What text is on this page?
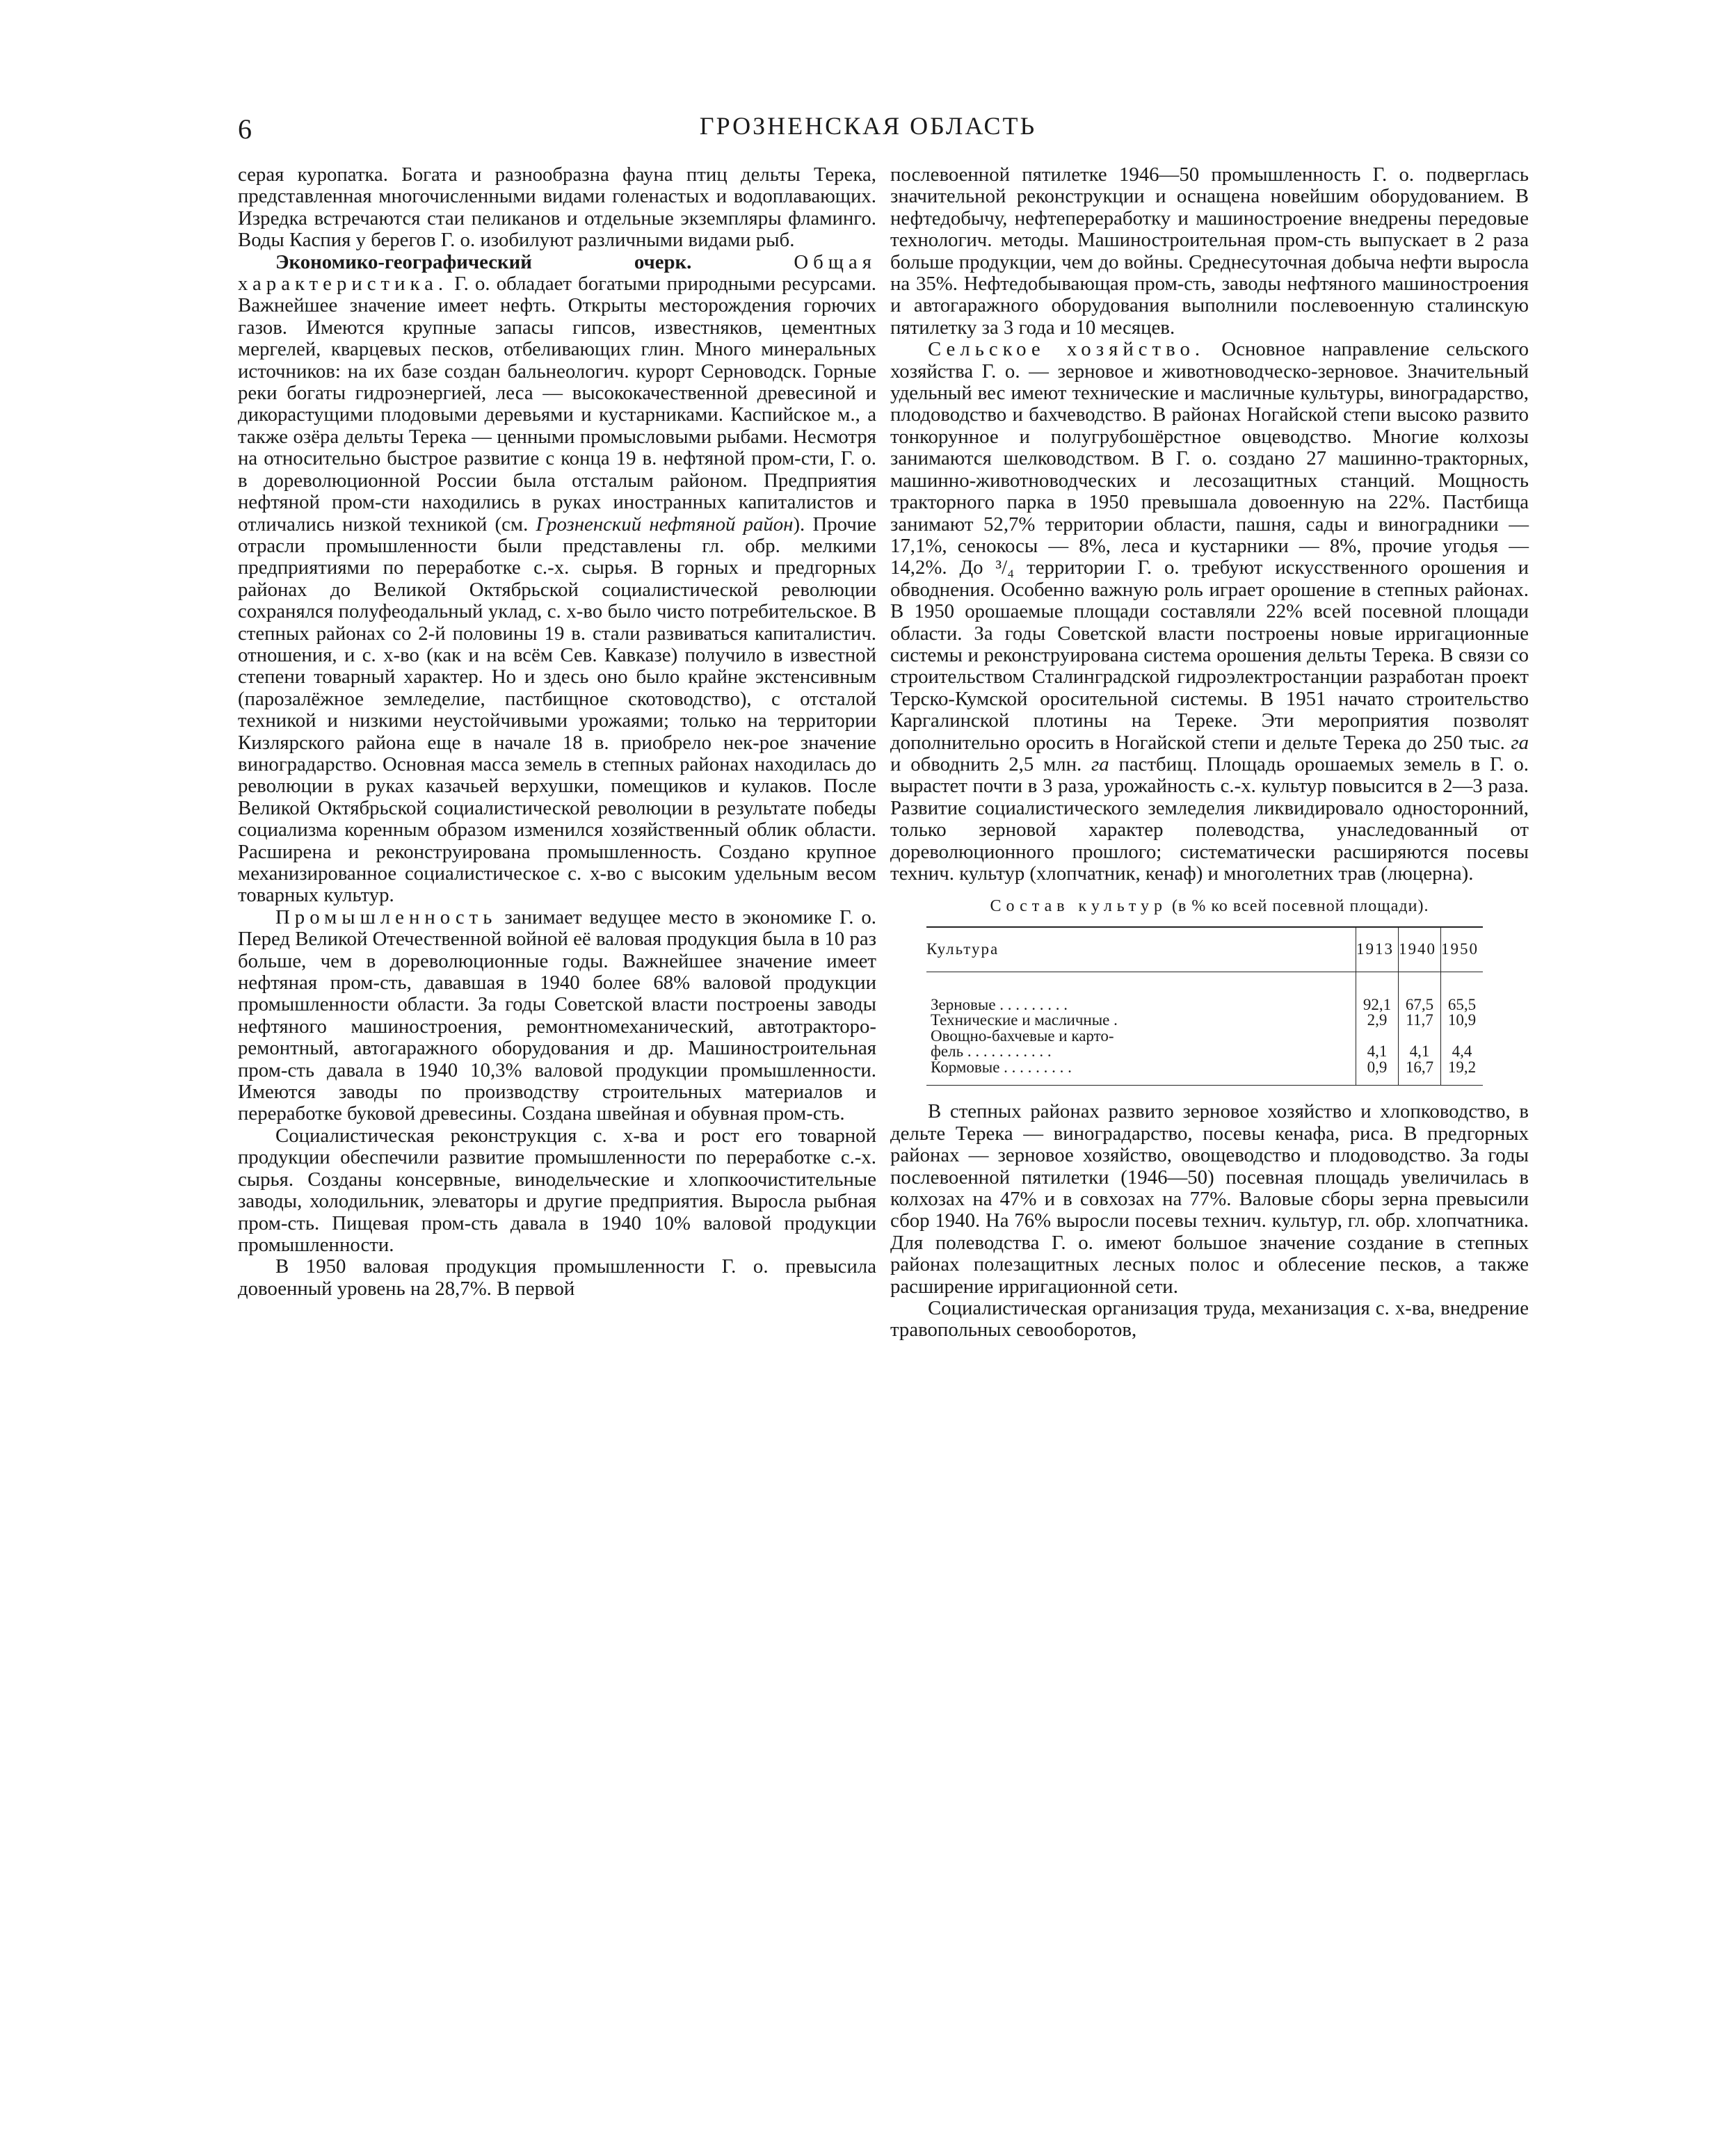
6	ГРОЗНЕНСКАЯ ОБЛАСТЬ

серая куропатка. Богата и разнообразна фауна птиц дельты Терека, представленная многочисленными видами голенастых и водоплавающих. Изредка встречаются стаи пеликанов и отдельные экземпляры фламинго. Воды Каспия у берегов Г. о. изобилуют различными видами рыб.

Экономико-географический очерк.	Общая характеристика. Г. о. обладает богатыми природными ресурсами. Важнейшее значение имеет нефть. Открыты месторождения горючих газов. Имеются крупные запасы гипсов, известняков, цементных мергелей, кварцевых песков, отбеливающих глин. Много минеральных источников: на их базе создан бальнеологич. курорт Серноводск. Горные реки богаты гидроэнергией, леса — высококачественной древесиной и дикорастущими плодовыми деревьями и кустарниками. Каспийское м., а также озёра дельты Терека — ценными промысловыми рыбами. Несмотря на относительно быстрое развитие с конца 19 в. нефтяной пром-сти, Г. о. в дореволюционной России была отсталым районом. Предприятия нефтяной пром-сти находились в руках иностранных капиталистов и отличались низкой техникой (см. Грозненский нефтяной район). Прочие отрасли промышленности были представлены гл. обр. мелкими предприятиями по переработке с.-х. сырья. В горных и предгорных районах до Великой Октябрьской социалистической революции сохранялся полуфеодальный уклад, с. х-во было чисто потребительское. В степных районах со 2-й половины 19 в. стали развиваться капиталистич. отношения, и с. х-во (как и на всём Сев. Кавказе) получило в известной степени товарный характер. Но и здесь оно было крайне экстенсивным (парозалёжное земледелие, пастбищное скотоводство), с отсталой техникой и низкими неустойчивыми урожаями; только на территории Кизлярского района еще в начале 18 в. приобрело нек-рое значение виноградарство. Основная масса земель в степных районах находилась до революции в руках казачьей верхушки, помещиков и кулаков. После Великой Октябрьской социалистической революции в результате победы социализма коренным образом изменился хозяйственный облик области. Расширена и реконструирована промышленность. Создано крупное механизированное социалистическое с. х-во с высоким удельным весом товарных культур.

Промышленность занимает ведущее место в экономике Г. о. Перед Великой Отечественной войной её валовая продукция была в 10 раз больше, чем в дореволюционные годы. Важнейшее значение имеет нефтяная пром-сть, дававшая в 1940 более 68% валовой продукции промышленности области. За годы Советской власти построены заводы нефтяного машиностроения, ремонтномеханический, автотрактороремонтный, автогаражного оборудования и др. Машиностроительная пром-сть давала в 1940 10,3% валовой продукции промышленности. Имеются заводы по производству строительных материалов и переработке буковой древесины. Создана швейная и обувная пром-сть.

Социалистическая реконструкция с. х-ва и рост его товарной продукции обеспечили развитие промышленности по переработке с.-х. сырья. Созданы консервные, винодельческие и хлопкоочистительные заводы, холодильник, элеваторы и другие предприятия. Выросла рыбная пром-сть. Пищевая пром-сть давала в 1940 10% валовой продукции промышленности.

В 1950 валовая продукция промышленности Г. о. превысила довоенный уровень на 28,7%. В первой

послевоенной пятилетке 1946—50 промышленность Г. о. подверглась значительной реконструкции и оснащена новейшим оборудованием. В нефтедобычу, нефтепереработку и машиностроение внедрены передовые технологич. методы. Машиностроительная пром-сть выпускает в 2 раза больше продукции, чем до войны. Среднесуточная добыча нефти выросла на 35%. Нефтедобывающая пром-сть, заводы нефтяного машиностроения и автогаражного оборудования выполнили послевоенную сталинскую пятилетку за 3 года и 10 месяцев.

Сельское хозяйство. Основное направление сельского хозяйства Г. о. — зерновое и животноводческо-зерновое. Значительный удельный вес имеют технические и масличные культуры, виноградарство, плодоводство и бахчеводство. В районах Ногайской степи высоко развито тонкорунное и полугрубошёрстное овцеводство. Многие колхозы занимаются шелководством. В Г. о. создано 27 машинно-тракторных, машинно-животноводческих и лесозащитных станций. Мощность тракторного парка в 1950 превышала довоенную на 22%. Пастбища занимают 52,7% территории области, пашня, сады и виноградники — 17,1%, сенокосы — 8%, леса и кустарники — 8%, прочие угодья — 14,2%. До ³/₄ территории Г. о. требуют искусственного орошения и обводнения. Особенно важную роль играет орошение в степных районах. В 1950 орошаемые площади составляли 22% всей посевной площади области. За годы Советской власти построены новые ирригационные системы и реконструирована система орошения дельты Терека. В связи со строительством Сталинградской гидроэлектростанции разработан проект Терско-Кумской оросительной системы. В 1951 начато строительство Каргалинской плотины на Тереке. Эти мероприятия позволят дополнительно оросить в Ногайской степи и дельте Терека до 250 тыс. га и обводнить 2,5 млн. га пастбищ. Площадь орошаемых земель в Г. о. вырастет почти в 3 раза, урожайность с.-х. культур повысится в 2—3 раза. Развитие социалистического земледелия ликвидировало односторонний, только зерновой характер полеводства, унаследованный от дореволюционного прошлого; систематически расширяются посевы технич. культур (хлопчатник, кенаф) и многолетних трав (люцерна).

Состав культур (в % ко всей посевной площади).
Культура	1913	1940	1950
Зерновые . . . . . . . . .	92,1	67,5	65,5
Технические и масличные .	2,9	11,7	10,9
Овощно-бахчевые и карто-			
фель . . . . . . . . . . .	4,1	4,1	4,4
Кормовые . . . . . . . . .	0,9	16,7	19,2

В степных районах развито зерновое хозяйство и хлопководство, в дельте Терека — виноградарство, посевы кенафа, риса. В предгорных районах — зерновое хозяйство, овощеводство и плодоводство. За годы послевоенной пятилетки (1946—50) посевная площадь увеличилась в колхозах на 47% и в совхозах на 77%. Валовые сборы зерна превысили сбор 1940. На 76% выросли посевы технич. культур, гл. обр. хлопчатника. Для полеводства Г. о. имеют большое значение создание в степных районах полезащитных лесных полос и облесение песков, а также расширение ирригационной сети.

Социалистическая организация труда, механизация с. х-ва, внедрение травопольных севооборотов,
